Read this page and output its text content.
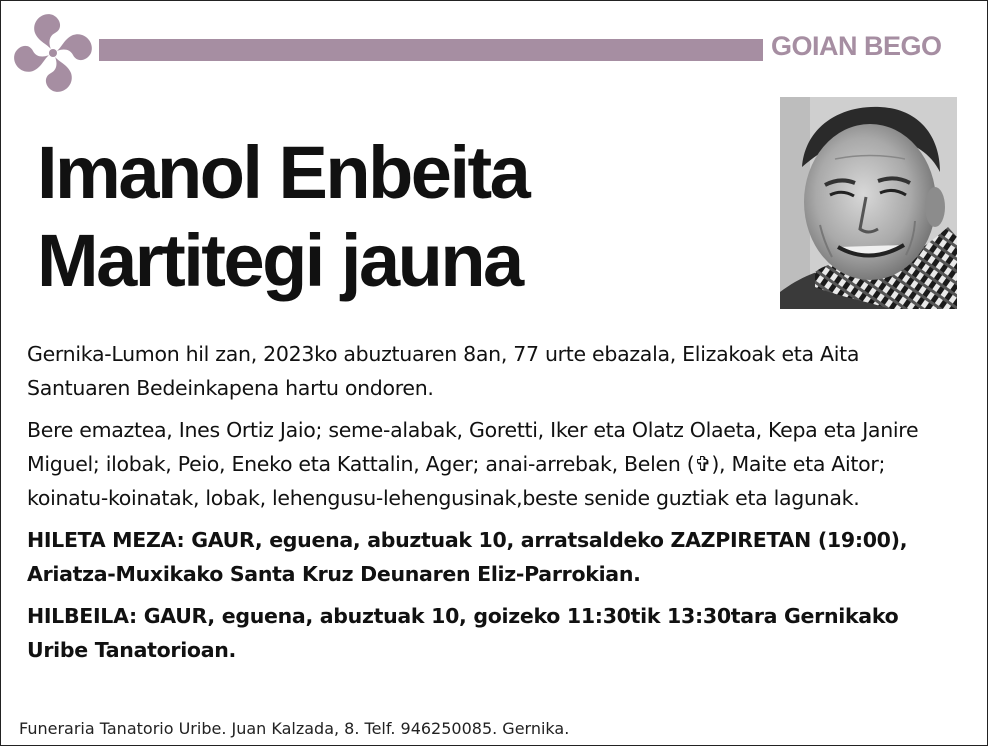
GOIAN BEGO
Imanol Enbeita
Martitegi jauna

Gernika-Lumon hil zan, 2023ko abuztuaren 8an, 77 urte ebazala, Elizakoak eta Aita Santuaren Bedeinkapena hartu ondoren.

Bere emaztea, Ines Ortiz Jaio; seme-alabak, Goretti, Iker eta Olatz Olaeta, Kepa eta Janire Miguel; ilobak, Peio, Eneko eta Kattalin, Ager; anai-arrebak, Belen (✞), Maite eta Aitor; koinatu-koinatak, lobak, lehengusu-lehengusinak,beste senide guztiak eta lagunak.

HILETA MEZA: GAUR, eguena, abuztuak 10, arratsaldeko ZAZPIRETAN (19:00), Ariatza-Muxikako Santa Kruz Deunaren Eliz-Parrokian.

HILBEILA: GAUR, eguena, abuztuak 10, goizeko 11:30tik 13:30tara Gernikako Uribe Tanatorioan.

Funeraria Tanatorio Uribe. Juan Kalzada, 8. Telf. 946250085. Gernika.
